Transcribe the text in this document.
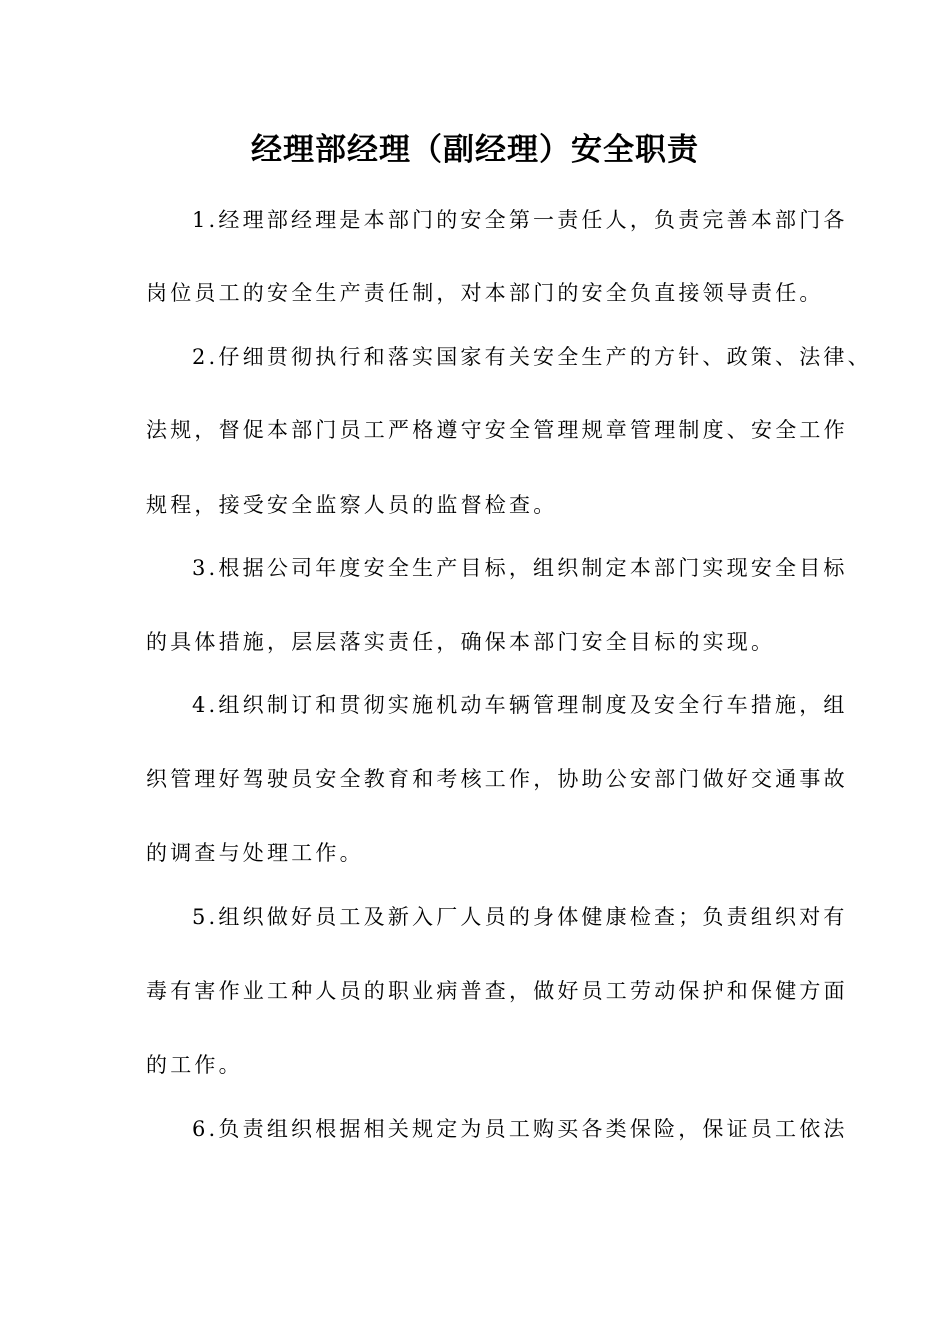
经理部经理（副经理）安全职责
1.经理部经理是本部门的安全第一责任人，负责完善本部门各
岗位员工的安全生产责任制，对本部门的安全负直接领导责任。
2.仔细贯彻执行和落实国家有关安全生产的方针、政策、法律、
法规，督促本部门员工严格遵守安全管理规章管理制度、安全工作
规程，接受安全监察人员的监督检查。
3.根据公司年度安全生产目标，组织制定本部门实现安全目标
的具体措施，层层落实责任，确保本部门安全目标的实现。
4.组织制订和贯彻实施机动车辆管理制度及安全行车措施，组
织管理好驾驶员安全教育和考核工作，协助公安部门做好交通事故
的调查与处理工作。
5.组织做好员工及新入厂人员的身体健康检查；负责组织对有
毒有害作业工种人员的职业病普查，做好员工劳动保护和保健方面
的工作。
6.负责组织根据相关规定为员工购买各类保险，保证员工依法
